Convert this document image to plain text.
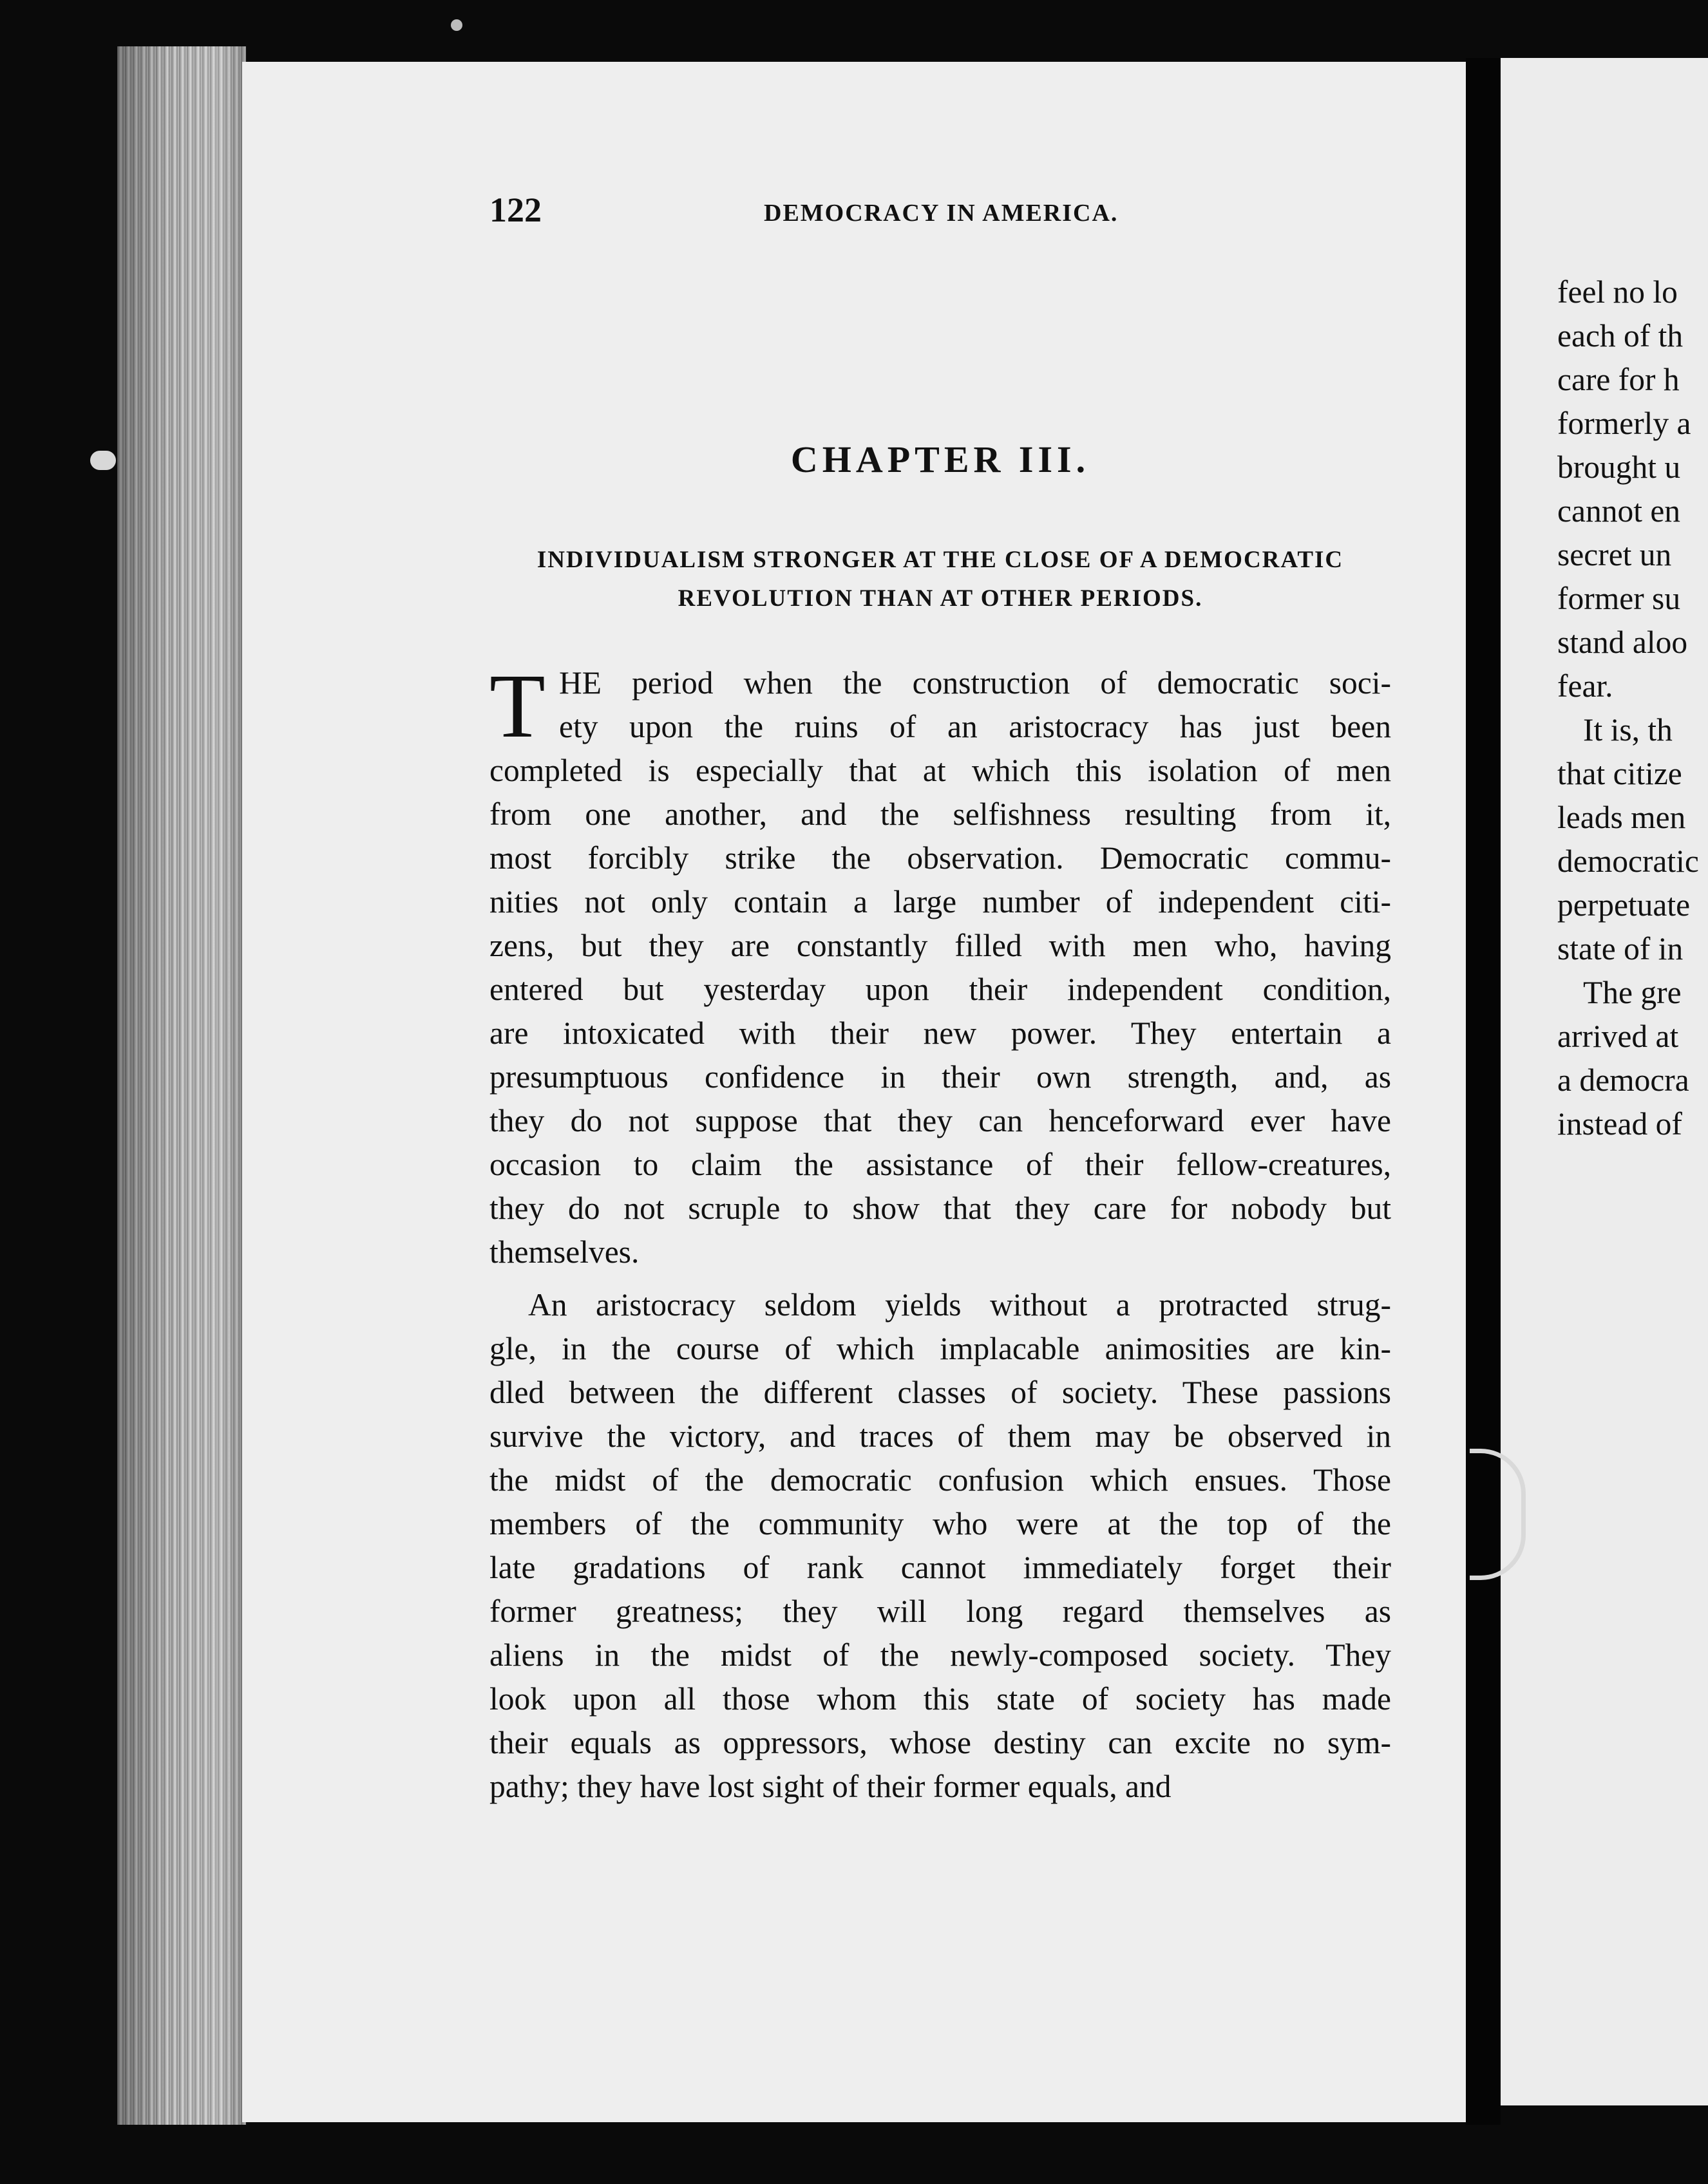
feel no lo
each of th
care for h
formerly a
brought u
cannot en
secret un
former su
stand aloo
fear.
It is, th
that citize
leads men
democratic
perpetuate
state of in
The gre
arrived at
a democra
instead of
122	DEMOCRACY IN AMERICA.
CHAPTER III.
INDIVIDUALISM STRONGER AT THE CLOSE OF A DEMOCRATIC
REVOLUTION THAN AT OTHER PERIODS.
T HE period when the construction of democratic soci-
ety upon the ruins of an aristocracy has just been
completed is especially that at which this isolation of men
from one another, and the selfishness resulting from it,
most forcibly strike the observation. Democratic commu-
nities not only contain a large number of independent citi-
zens, but they are constantly filled with men who, having
entered but yesterday upon their independent condition,
are intoxicated with their new power. They entertain a
presumptuous confidence in their own strength, and, as
they do not suppose that they can henceforward ever have
occasion to claim the assistance of their fellow-creatures,
they do not scruple to show that they care for nobody but
themselves.
An aristocracy seldom yields without a protracted strug-
gle, in the course of which implacable animosities are kin-
dled between the different classes of society. These passions
survive the victory, and traces of them may be observed in
the midst of the democratic confusion which ensues. Those
members of the community who were at the top of the
late gradations of rank cannot immediately forget their
former greatness; they will long regard themselves as
aliens in the midst of the newly-composed society. They
look upon all those whom this state of society has made
their equals as oppressors, whose destiny can excite no sym-
pathy; they have lost sight of their former equals, and
